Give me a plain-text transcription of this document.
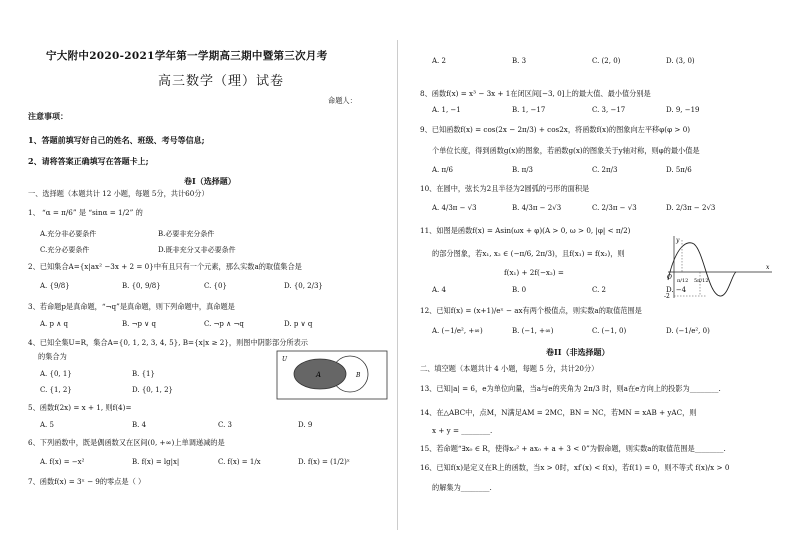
宁大附中2020-2021学年第一学期高三期中暨第三次月考
高三数学（理）试卷
命题人：
注意事项：
1、答题前填写好自己的姓名、班级、考号等信息;
2、请将答案正确填写在答题卡上;
卷I（选择题）
一、选择题（本题共计 12 小题，每题 5分，共计60分）
1、 “α = π/6” 是 “sinα = 1/2” 的
A.充分非必要条件	B.必要非充分条件
C.充分必要条件	D.既非充分又非必要条件
2、已知集合A={x|ax² −3x + 2 = 0}中有且只有一个元素，那么实数a的取值集合是
A. {9/8}	B. {0, 9/8}	C. {0}	D. {0, 2/3}
3、若命题p是真命题，“¬q”是真命题，则下列命题中，真命题是
A. p ∧ q	B. ¬p ∨ q	C. ¬p ∧ ¬q	D. p ∨ q
4、已知全集U=R，集合A={0, 1, 2, 3, 4, 5}, B={x|x ≥ 2}，则图中阴影部分所表示
的集合为
A. {0, 1}	B. {1}
C. {1, 2}	D. {0, 1, 2}
U
A	B
5、函数f(2x) = x + 1, 则f(4)=
A. 5	B. 4	C. 3	D. 9
6、下列函数中，既是偶函数又在区间(0, +∞)上单调递减的是
A. f(x) = −x²	B. f(x) = lg|x|	C. f(x) = 1/x	D. f(x) = (1/2)ˣ
7、函数f(x) = 3ˣ − 9的零点是（ ）
A. 2	B. 3	C. (2, 0)	D. (3, 0)
8、函数f(x) = x³ − 3x + 1在闭区间[−3, 0]上的最大值、最小值分别是
A. 1, −1	B. 1, −17	C. 3, −17	D. 9, −19
9、已知函数f(x) = cos(2x − 2π/3) + cos2x，将函数f(x)的图象向左平移φ(φ > 0)
个单位长度，得到函数g(x)的图象，若函数g(x)的图象关于y轴对称，则φ的最小值是
A. π/6	B. π/3	C. 2π/3	D. 5π/6
10、在圆中，弦长为2且半径为2圆弧的弓形的面积是
A. 4/3π − √3	B. 4/3π − 2√3	C. 2/3π − √3	D. 2/3π − 2√3
11、如图是函数f(x) = Asin(ωx + φ)(A > 0, ω > 0, |φ| < π/2)
的部分图象，若x₁, x₂ ∈ (−π/6, 2π/3)，且f(x₁) = f(x₂)，则
f(x₁) + 2f(−x₂) =
A. 4	B. 0	C. 2	D. −4
y
-2
O
x
π/12 5π/12
12、已知f(x) = (x+1)/eˣ − ax有两个极值点，则实数a的取值范围是
A. (−1/e², +∞)	B. (−1, +∞)	C. (−1, 0)	D. (−1/e², 0)
卷II（非选择题）
二、填空题（本题共计 4 小题，每题 5 分，共计20分）
13、已知|a| = 6，e为单位向量，当a与e的夹角为 2π/3 时，则a在e方向上的投影为________.
14、在△ABC中，点M，N满足AM = 2MC，BN = NC，若MN = xAB + yAC，则
x + y = ________.
15、若命题“∃x₀ ∈ R，使得x₀² + ax₀ + a + 3 < 0”为假命题，则实数a的取值范围是________.
16、已知f(x)是定义在R上的函数，当x > 0时，xf′(x) < f(x)，若f(1) = 0，则不等式 f(x)/x > 0
的解集为________.
